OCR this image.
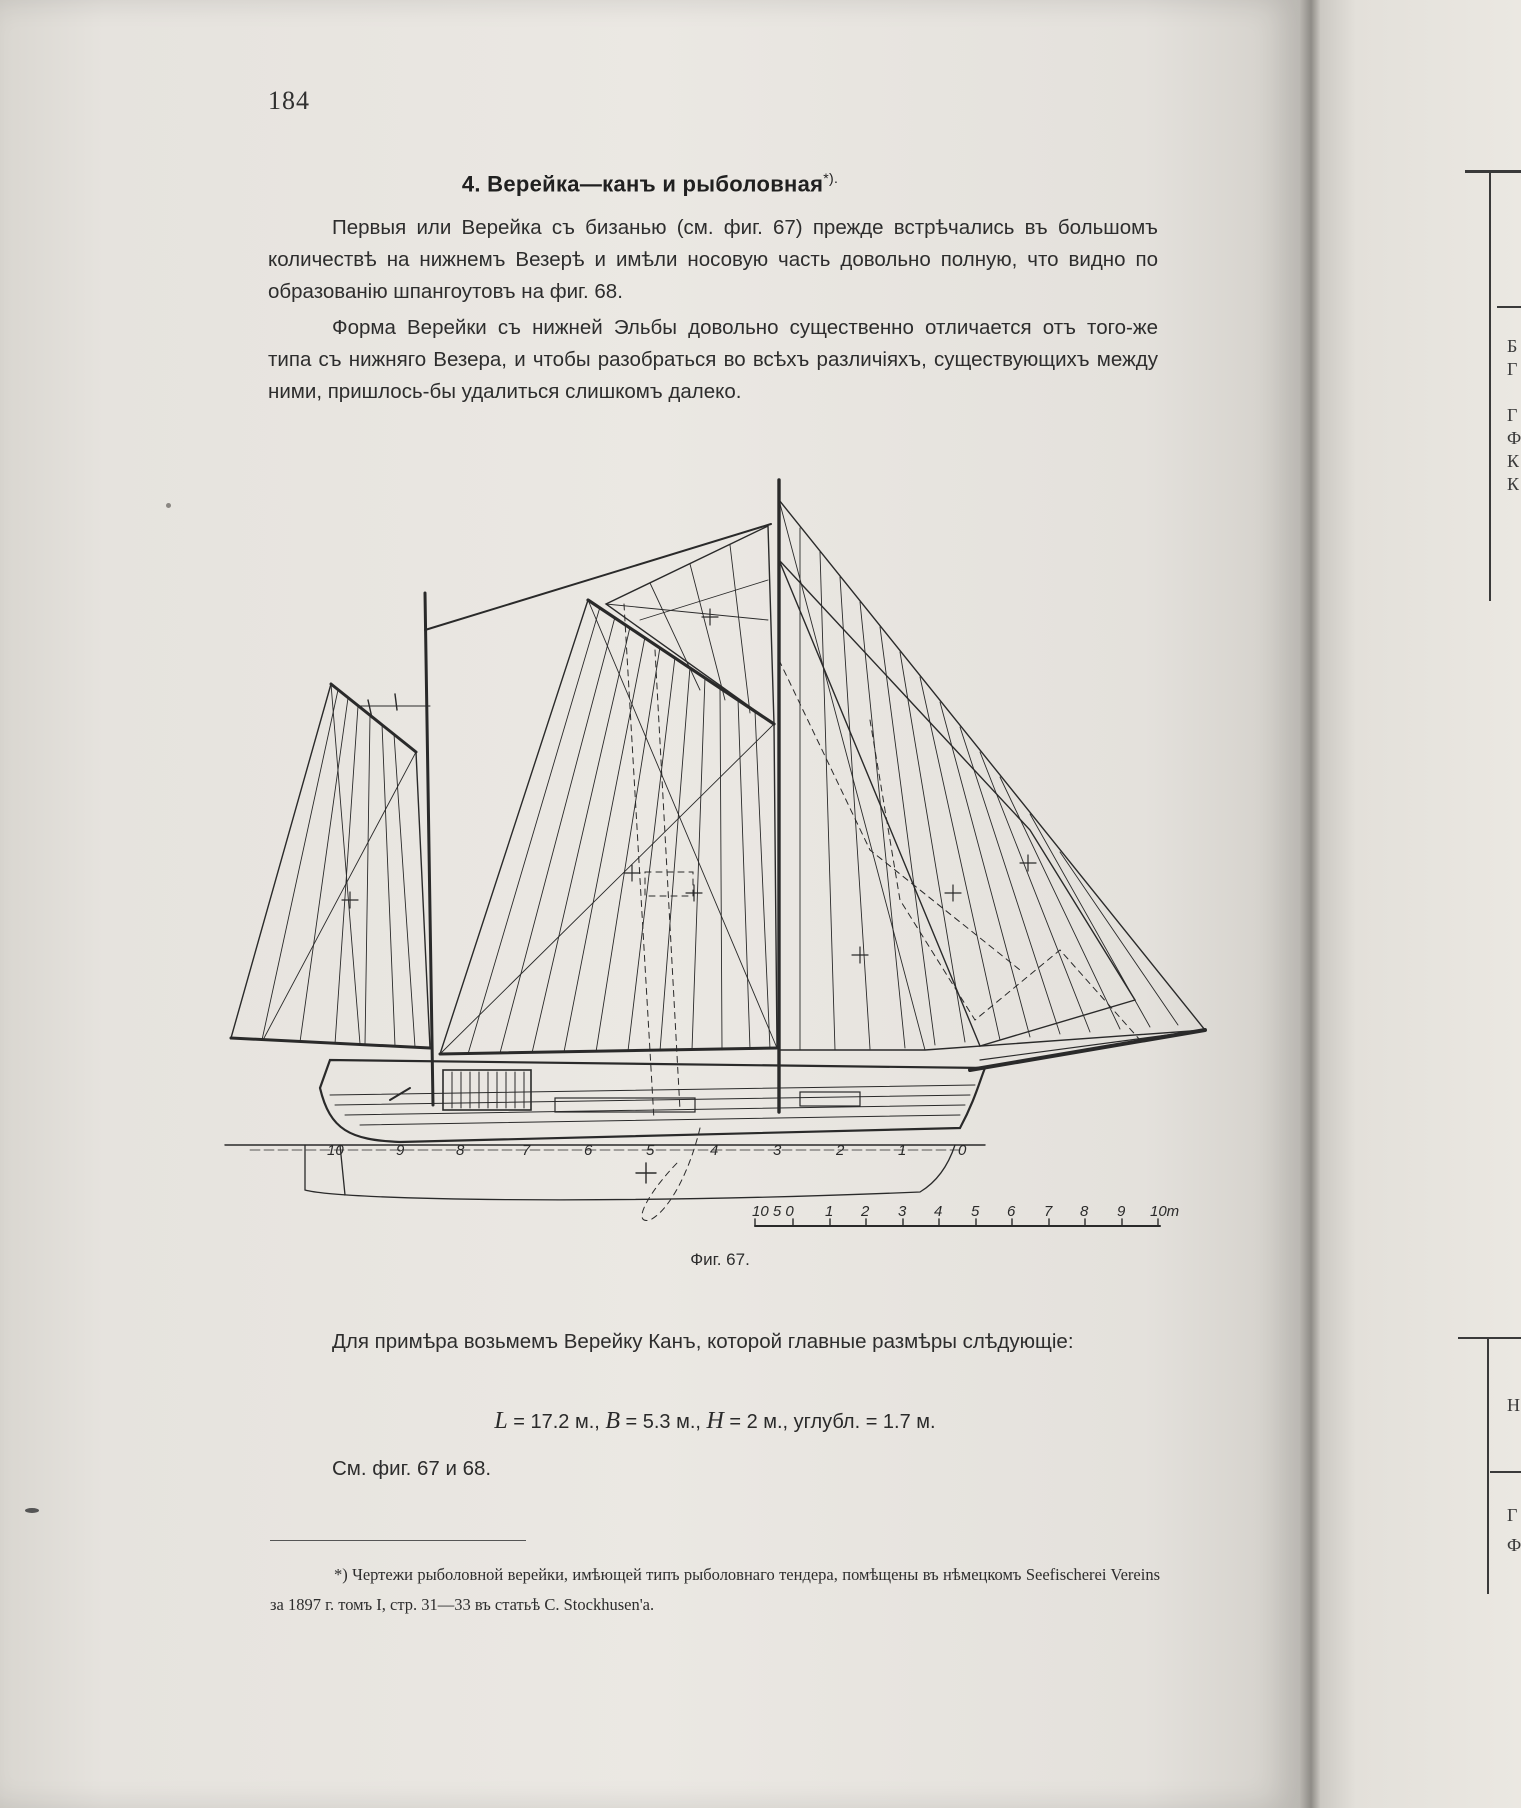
184
4. Верейка—канъ и рыболовная*).

Первыя или Верейка съ бизанью (см. фиг. 67) прежде встрѣчались въ большомъ количествѣ на нижнемъ Везерѣ и имѣли носовую часть довольно полную, что видно по образованію шпангоутовъ на фиг. 68.

Форма Верейки съ нижней Эльбы довольно существенно отличается отъ того-же типа съ нижняго Везера, и чтобы разобраться во всѣхъ различіяхъ, существующихъ между ними, пришлось-бы удалиться слишкомъ далеко.

10	9	8	7	6	5	4	3	2	1	0
10 5 0 1 2 3 4 5 6 7 8 9 10m
Фиг. 67.

Для примѣра возьмемъ Верейку Канъ, которой главные размѣры слѣдующіе:

L = 17.2 м., B = 5.3 м., H = 2 м., углубл. = 1.7 м.
См. фиг. 67 и 68.
*) Чертежи рыболовной верейки, имѣющей типъ рыболовнаго тендера, помѣщены въ нѣмецкомъ Seefischerei Vereins за 1897 г. томъ I, стр. 31—33 въ статьѣ С. Stockhusen'a.
Б
Г

Г
Ф
К
К
Н
Г
Ф
